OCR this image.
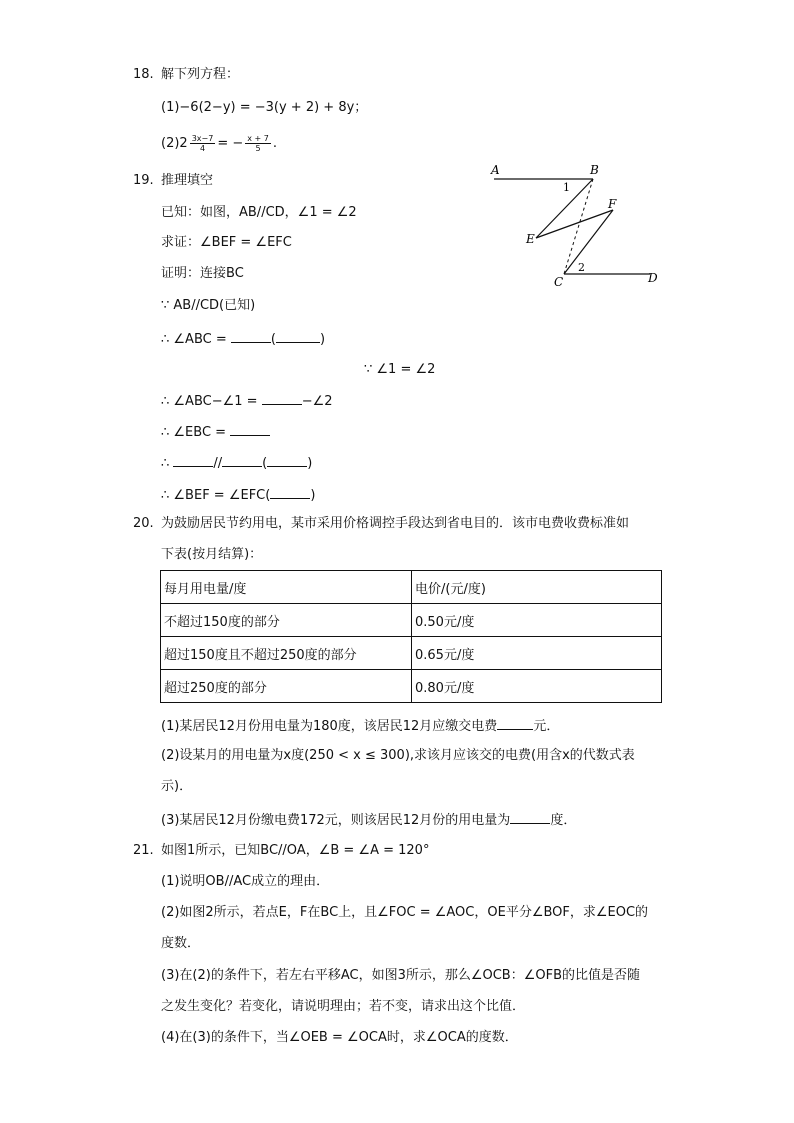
18. 解下列方程：
(1)−6(2−y) = −3(y + 2) + 8y；
$(2)2 \frac{3x-7}{4}$ = − $\frac{x + 7}{5}$ .
19. 推理填空
已知：如图，AB//CD，∠1 = ∠2
求证：∠BEF = ∠EFC
证明：连接BC
∵ AB//CD(已知)
∴ ∠ABC =	(	)
∵ ∠1 = ∠2
∴ ∠ABC−∠1 =	−∠2
∴ ∠EBC =
∴	//	(	)
∴ ∠BEF = ∠EFC(	)
A	B
F
E
C	D
1
2
20. 为鼓励居民节约用电，某市采用价格调控手段达到省电目的．该市电费收费标准如
下表(按月结算)：
每月用电量/度	电价/(元/度)
不超过150度的部分	0.50元/度
超过150度且不超过250度的部分	0.65元/度
超过250度的部分	0.80元/度
(1)某居民12月份用电量为180度，该居民12月应缴交电费	元．
(2)设某月的用电量为x度(250 < x ≤ 300),求该月应该交的电费(用含x的代数式表
示)．
(3)某居民12月份缴电费172元，则该居民12月份的用电量为	度．
21. 如图1所示，已知BC//OA，∠B = ∠A = 120°
(1)说明OB//AC成立的理由．
(2)如图2所示，若点E，F在BC上，且∠FOC = ∠AOC，OE平分∠BOF，求∠EOC的
度数．
(3)在(2)的条件下，若左右平移AC，如图3所示，那么∠OCB：∠OFB的比值是否随
之发生变化？若变化，请说明理由；若不变，请求出这个比值．
(4)在(3)的条件下，当∠OEB = ∠OCA时，求∠OCA的度数．
